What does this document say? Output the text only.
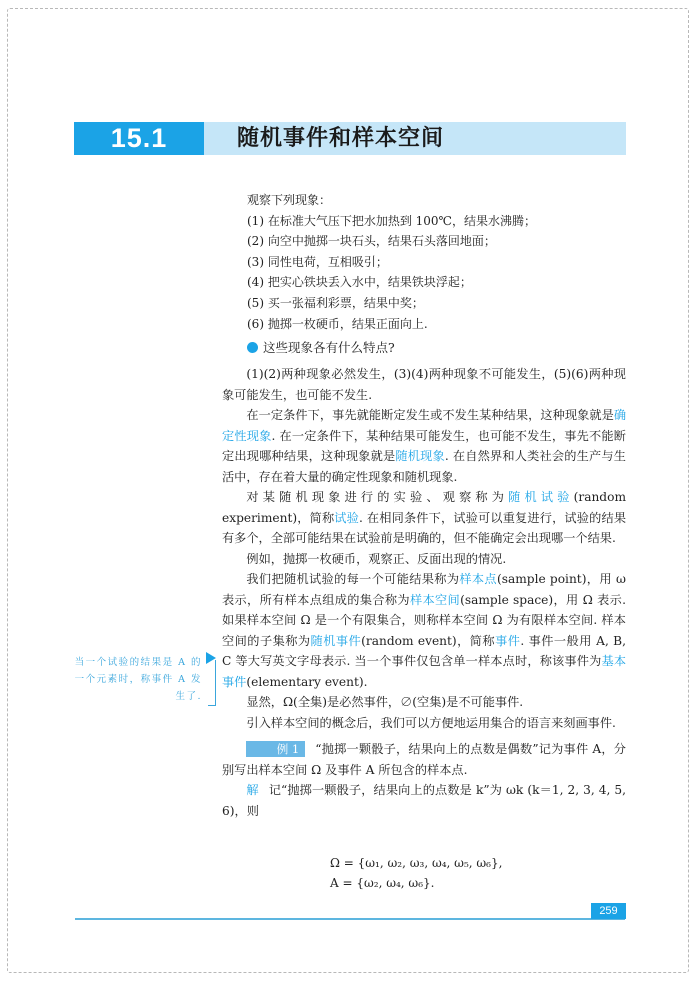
15.1	随机事件和样本空间
观察下列现象：
(1) 在标准大气压下把水加热到 100℃，结果水沸腾；
(2) 向空中抛掷一块石头，结果石头落回地面；
(3) 同性电荷，互相吸引；
(4) 把实心铁块丢入水中，结果铁块浮起；
(5) 买一张福利彩票，结果中奖；
(6) 抛掷一枚硬币，结果正面向上.
这些现象各有什么特点?

(1)(2)两种现象必然发生，(3)(4)两种现象不可能发生，(5)(6)两种现象可能发生，也可能不发生.

在一定条件下，事先就能断定发生或不发生某种结果，这种现象就是确定性现象. 在一定条件下，某种结果可能发生，也可能不发生，事先不能断定出现哪种结果，这种现象就是随机现象. 在自然界和人类社会的生产与生活中，存在着大量的确定性现象和随机现象.

对某随机现象进行的实验、观察称为随机试验(random experiment)，简称试验. 在相同条件下，试验可以重复进行，试验的结果有多个，全部可能结果在试验前是明确的，但不能确定会出现哪一个结果.

例如，抛掷一枚硬币，观察正、反面出现的情况.

我们把随机试验的每一个可能结果称为样本点(sample point)，用 ω 表示，所有样本点组成的集合称为样本空间(sample space)，用 Ω 表示. 如果样本空间 Ω 是一个有限集合，则称样本空间 Ω 为有限样本空间. 样本空间的子集称为随机事件(random event)，简称事件. 事件一般用 A, B, C 等大写英文字母表示. 当一个事件仅包含单一样本点时，称该事件为基本事件(elementary event).

显然，Ω(全集)是必然事件，∅(空集)是不可能事件.

引入样本空间的概念后，我们可以方便地运用集合的语言来刻画事件.

例 1 “抛掷一颗骰子，结果向上的点数是偶数”记为事件 A，分别写出样本空间 Ω 及事件 A 所包含的样本点.

解 记“抛掷一颗骰子，结果向上的点数是 k”为 ωk (k＝1, 2, 3, 4, 5, 6)，则

Ω = {ω₁, ω₂, ω₃, ω₄, ω₅, ω₆},
A = {ω₂, ω₄, ω₆}.
当一个试验的结果是 A 的一个元素时，称事件 A 发生了.
259
